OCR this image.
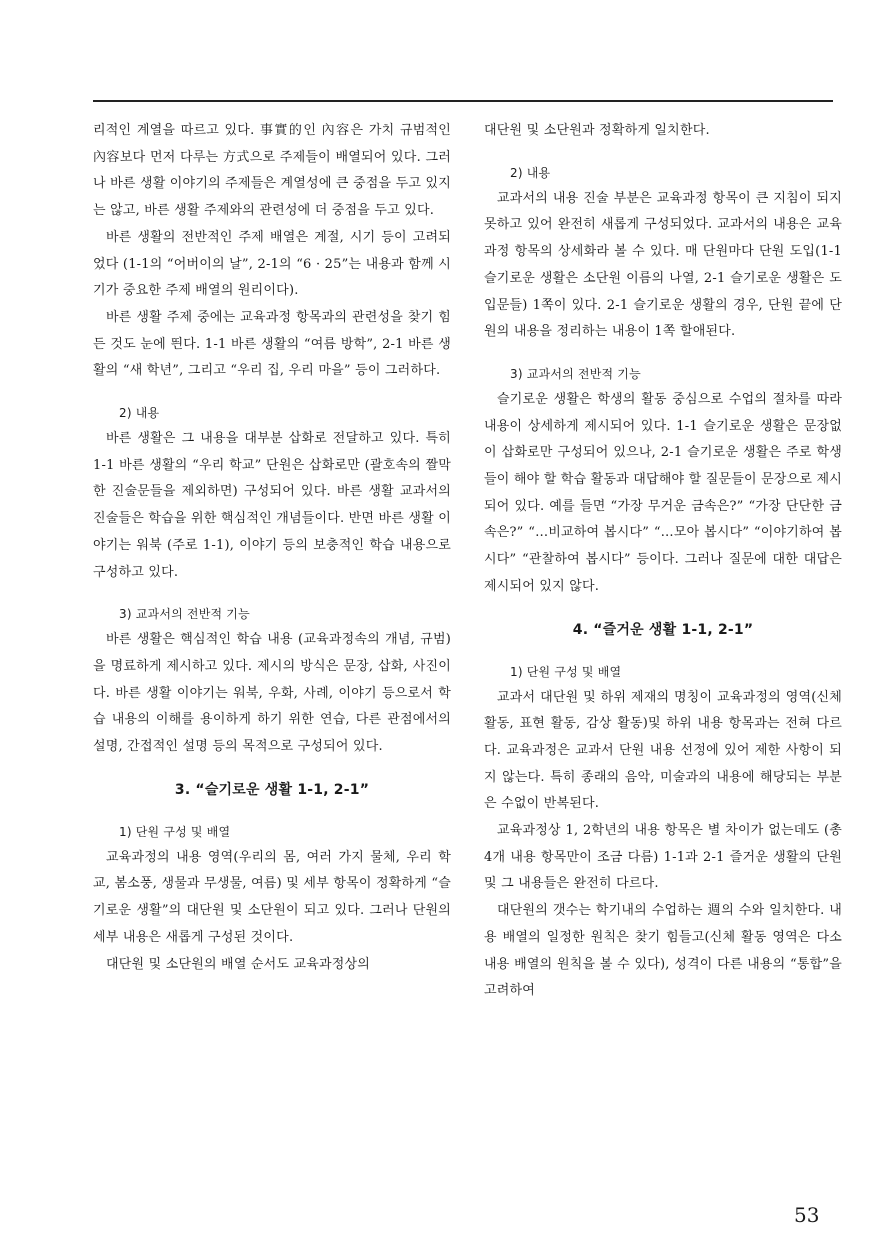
리적인 계열을 따르고 있다. 事實的인 內容은 가치 규범적인 內容보다 먼저 다루는 方式으로 주제들이 배열되어 있다. 그러나 바른 생활 이야기의 주제들은 계열성에 큰 중점을 두고 있지는 않고, 바른 생활 주제와의 관련성에 더 중점을 두고 있다.

바른 생활의 전반적인 주제 배열은 계절, 시기 등이 고려되었다 (1-1의 “어버이의 날”, 2-1의 “6 · 25”는 내용과 함께 시기가 중요한 주제 배열의 원리이다).

바른 생활 주제 중에는 교육과정 항목과의 관련성을 찾기 힘든 것도 눈에 띈다. 1-1 바른 생활의 “여름 방학”, 2-1 바른 생활의 “새 학년”, 그리고 “우리 집, 우리 마을” 등이 그러하다.

2) 내용

바른 생활은 그 내용을 대부분 삽화로 전달하고 있다. 특히 1-1 바른 생활의 “우리 학교” 단원은 삽화로만 (괄호속의 짤막한 진술문들을 제외하면) 구성되어 있다. 바른 생활 교과서의 진술들은 학습을 위한 핵심적인 개념들이다. 반면 바른 생활 이야기는 워북 (주로 1-1), 이야기 등의 보충적인 학습 내용으로 구성하고 있다.

3) 교과서의 전반적 기능

바른 생활은 핵심적인 학습 내용 (교육과정속의 개념, 규범)을 명료하게 제시하고 있다. 제시의 방식은 문장, 삽화, 사진이다. 바른 생활 이야기는 워북, 우화, 사례, 이야기 등으로서 학습 내용의 이해를 용이하게 하기 위한 연습, 다른 관점에서의 설명, 간접적인 설명 등의 목적으로 구성되어 있다.

3. “슬기로운 생활 1-1, 2-1”
1) 단원 구성 및 배열

교육과정의 내용 영역(우리의 몸, 여러 가지 물체, 우리 학교, 봄소풍, 생물과 무생물, 여름) 및 세부 항목이 정확하게 “슬기로운 생활”의 대단원 및 소단원이 되고 있다. 그러나 단원의 세부 내용은 새롭게 구성된 것이다.

대단원 및 소단원의 배열 순서도 교육과정상의

대단원 및 소단원과 정확하게 일치한다.

2) 내용

교과서의 내용 진술 부분은 교육과정 항목이 큰 지침이 되지 못하고 있어 완전히 새롭게 구성되었다. 교과서의 내용은 교육과정 항목의 상세화라 볼 수 있다. 매 단원마다 단원 도입(1-1 슬기로운 생활은 소단원 이름의 나열, 2-1 슬기로운 생활은 도입문들) 1쪽이 있다. 2-1 슬기로운 생활의 경우, 단원 끝에 단원의 내용을 정리하는 내용이 1쪽 할애된다.

3) 교과서의 전반적 기능

슬기로운 생활은 학생의 활동 중심으로 수업의 절차를 따라 내용이 상세하게 제시되어 있다. 1-1 슬기로운 생활은 문장없이 삽화로만 구성되어 있으나, 2-1 슬기로운 생활은 주로 학생들이 해야 할 학습 활동과 대답해야 할 질문들이 문장으로 제시되어 있다. 예를 들면 “가장 무거운 금속은?” “가장 단단한 금속은?” “…비교하여 봅시다” “…모아 봅시다” “이야기하여 봅시다” “관찰하여 봅시다” 등이다. 그러나 질문에 대한 대답은 제시되어 있지 않다.

4. “즐거운 생활 1-1, 2-1”
1) 단원 구성 및 배열

교과서 대단원 및 하위 제재의 명칭이 교육과정의 영역(신체 활동, 표현 활동, 감상 활동)및 하위 내용 항목과는 전혀 다르다. 교육과정은 교과서 단원 내용 선정에 있어 제한 사항이 되지 않는다. 특히 종래의 음악, 미술과의 내용에 해당되는 부분은 수없이 반복된다.

교육과정상 1, 2학년의 내용 항목은 별 차이가 없는데도 (총 4개 내용 항목만이 조금 다름) 1-1과 2-1 즐거운 생활의 단원 및 그 내용들은 완전히 다르다.

대단원의 갯수는 학기내의 수업하는 週의 수와 일치한다. 내용 배열의 일정한 원칙은 찾기 힘들고(신체 활동 영역은 다소 내용 배열의 원칙을 볼 수 있다), 성격이 다른 내용의 “통합”을 고려하여

53
